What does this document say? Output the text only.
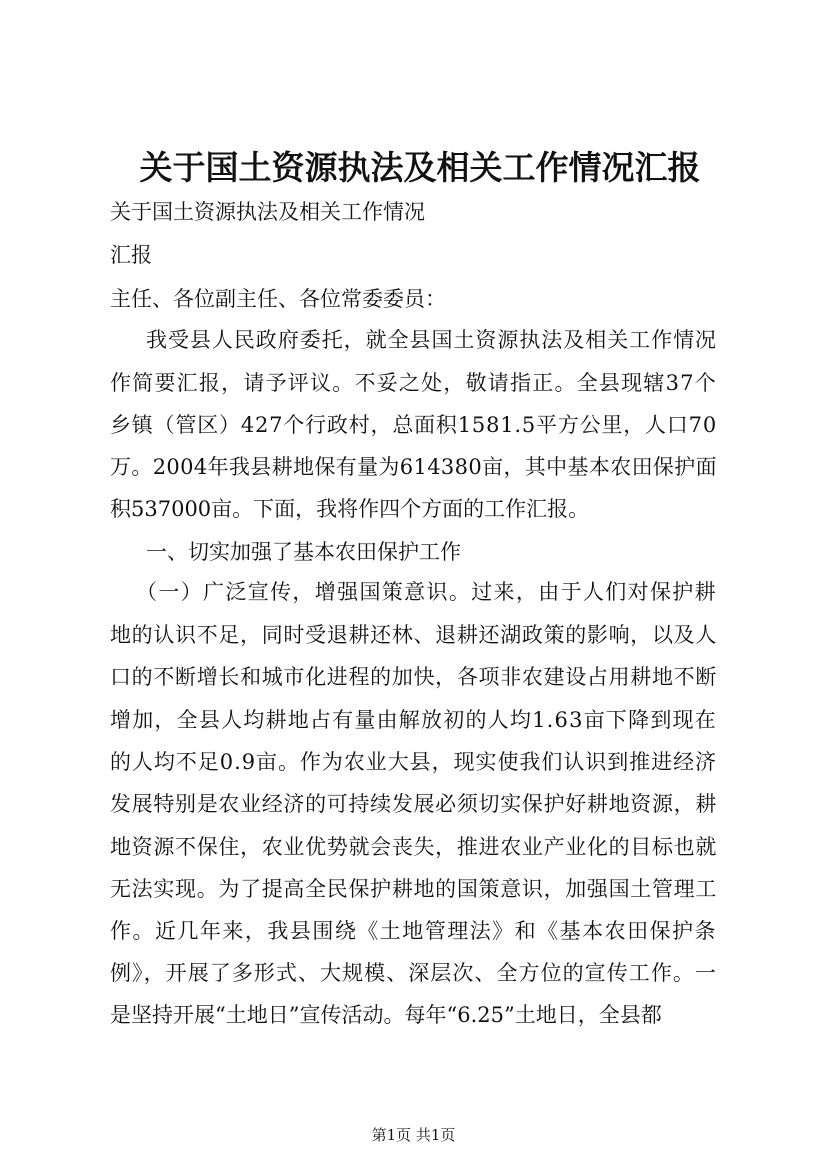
关于国土资源执法及相关工作情况汇报
关于国土资源执法及相关工作情况
汇报
主任、各位副主任、各位常委委员：
我受县人民政府委托，就全县国土资源执法及相关工作情况
作简要汇报，请予评议。不妥之处，敬请指正。全县现辖37个
乡镇（管区）427个行政村，总面积1581.5平方公里，人口70
万。2004年我县耕地保有量为614380亩，其中基本农田保护面
积537000亩。下面，我将作四个方面的工作汇报。
一、切实加强了基本农田保护工作
（一）广泛宣传，增强国策意识。过来，由于人们对保护耕
地的认识不足，同时受退耕还林、退耕还湖政策的影响，以及人
口的不断增长和城市化进程的加快，各项非农建设占用耕地不断
增加，全县人均耕地占有量由解放初的人均1.63亩下降到现在
的人均不足0.9亩。作为农业大县，现实使我们认识到推进经济
发展特别是农业经济的可持续发展必须切实保护好耕地资源，耕
地资源不保住，农业优势就会丧失，推进农业产业化的目标也就
无法实现。为了提高全民保护耕地的国策意识，加强国土管理工
作。近几年来，我县围绕《土地管理法》和《基本农田保护条
例》，开展了多形式、大规模、深层次、全方位的宣传工作。一
是坚持开展“土地日”宣传活动。每年“6.25”土地日，全县都
第1页 共1页
